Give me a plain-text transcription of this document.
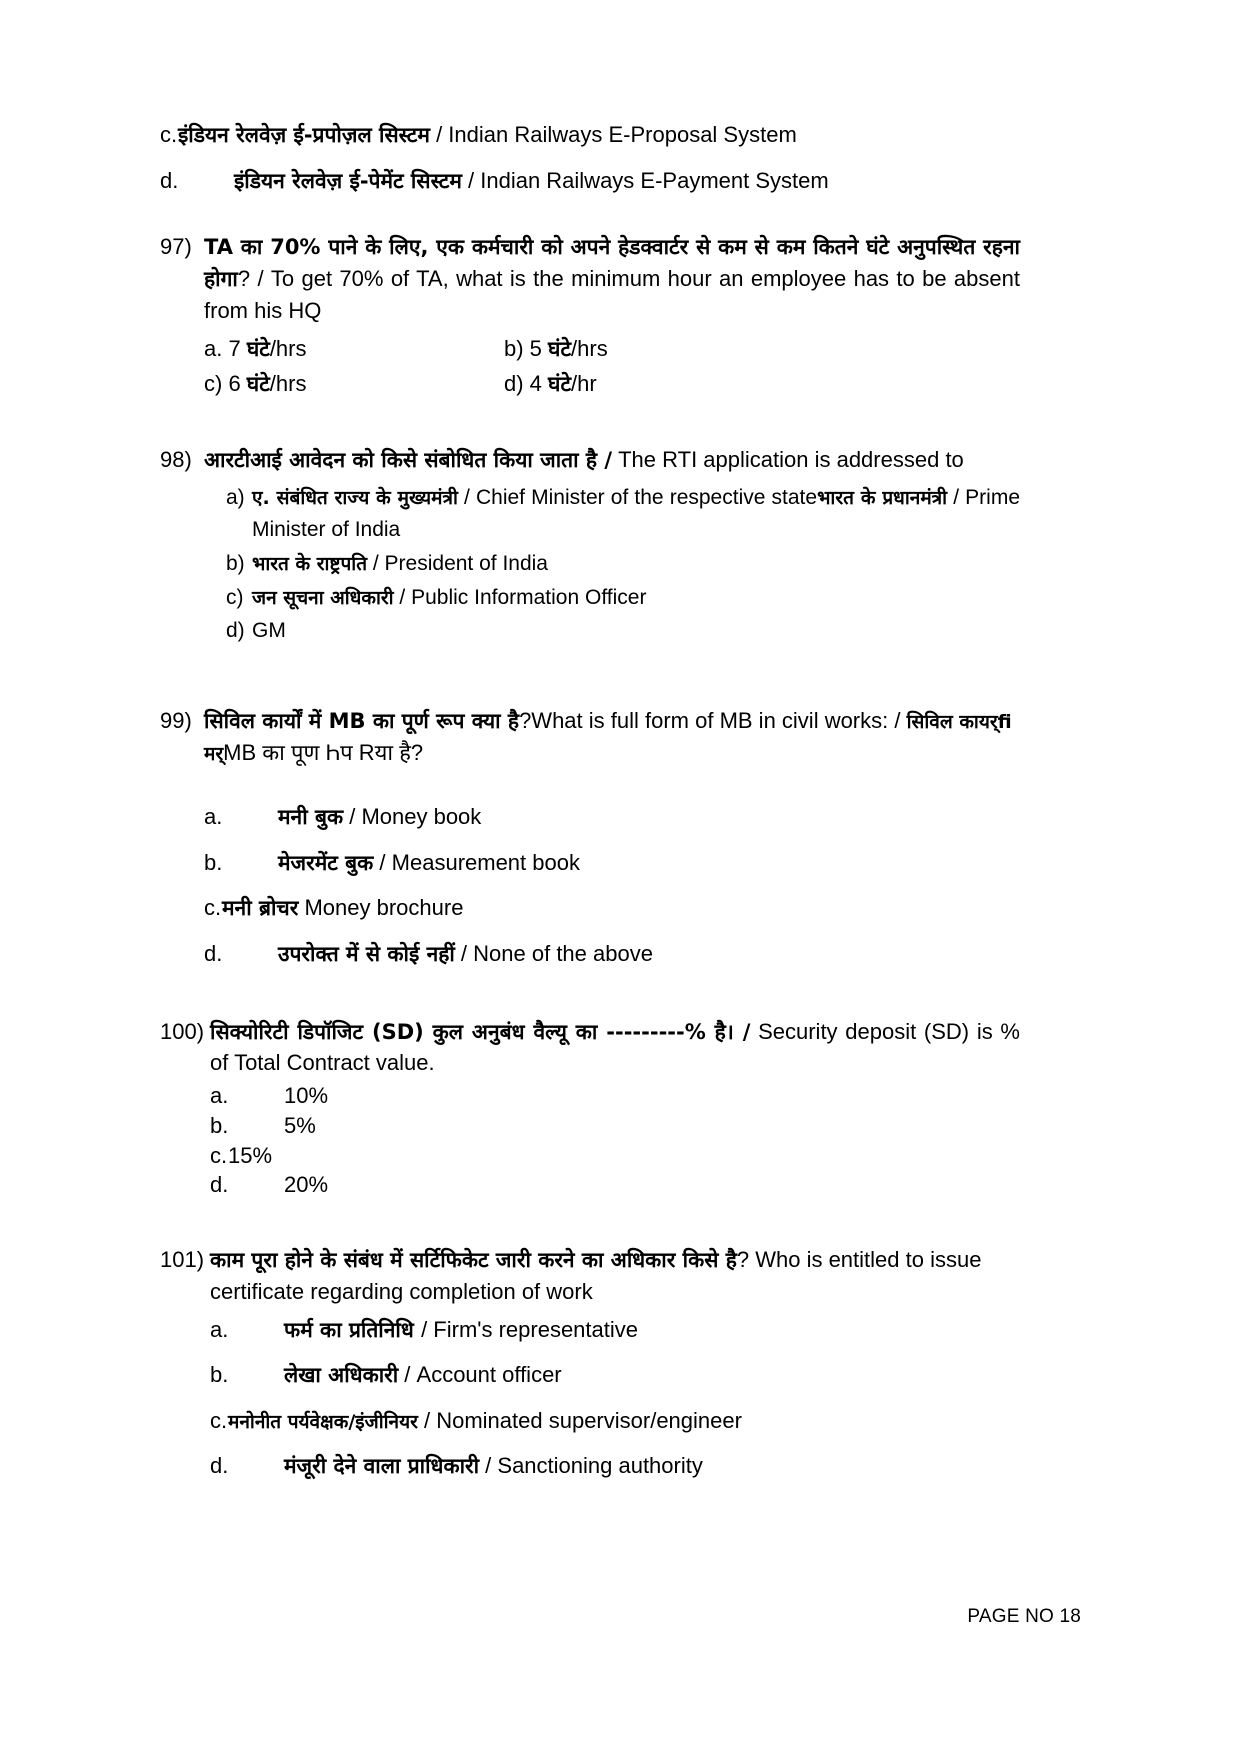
c. इंडियन रेलवेज़ ई-प्रपोज़ल सिस्टम / Indian Railways E-Proposal System
d.	इंडियन रेलवेज़ ई-पेमेंट सिस्टम / Indian Railways E-Payment System
97) TA का 70% पाने के लिए, एक कर्मचारी को अपने हेडक्वार्टर से कम से कम कितने घंटे अनुपस्थित रहना होगा? / To get 70% of TA, what is the minimum hour an employee has to be absent from his HQ
a. 7 घंटे/hrs	b) 5 घंटे/hrs
c) 6 घंटे/hrs	d) 4 घंटे/hr
98) आरटीआई आवेदन को किसे संबोधित किया जाता है / The RTI application is addressed to
a) ए. संबंधित राज्य के मुख्यमंत्री / Chief Minister of the respective stateभारत के प्रधानमंत्री / Prime Minister of India
b) भारत के राष्ट्रपति / President of India
c) जन सूचना अधिकारी / Public Information Officer
d) GM
99) सिविल कार्यों में MB का पूर्ण रूप क्या है?What is full form of MB in civil works: / सिविल कायर्fi मर्MB का पूण Һप Rया है?
a.	मनी बुक / Money book
b.	मेजरमेंट बुक / Measurement book
c. मनी ब्रोचर Money brochure
d.	उपरोक्त में से कोई नहीं / None of the above
100) सिक्योरिटी डिपॉजिट (SD) कुल अनुबंध वैल्यू का ---------% है। / Security deposit (SD) is % of Total Contract value.
a.	10%
b.	5%
c. 15%
d.	20%
101) काम पूरा होने के संबंध में सर्टिफिकेट जारी करने का अधिकार किसे है? Who is entitled to issue certificate regarding completion of work
a.	फर्म का प्रतिनिधि / Firm's representative
b.	लेखा अधिकारी / Account officer
c. मनोनीत पर्यवेक्षक/इंजीनियर / Nominated supervisor/engineer
d.	मंजूरी देने वाला प्राधिकारी / Sanctioning authority
PAGE NO 18
